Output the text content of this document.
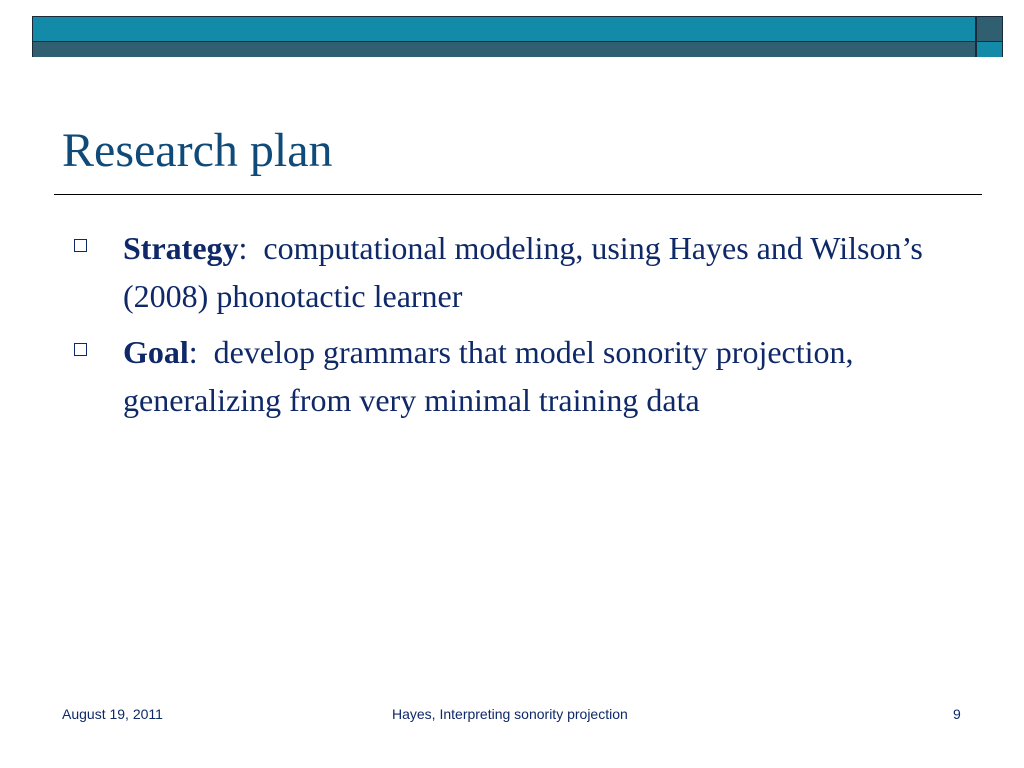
Research plan
Strategy:  computational modeling, using Hayes and Wilson’s (2008) phonotactic learner
Goal:  develop grammars that model sonority projection, generalizing from very minimal training data
August 19, 2011	Hayes, Interpreting sonority projection	9
